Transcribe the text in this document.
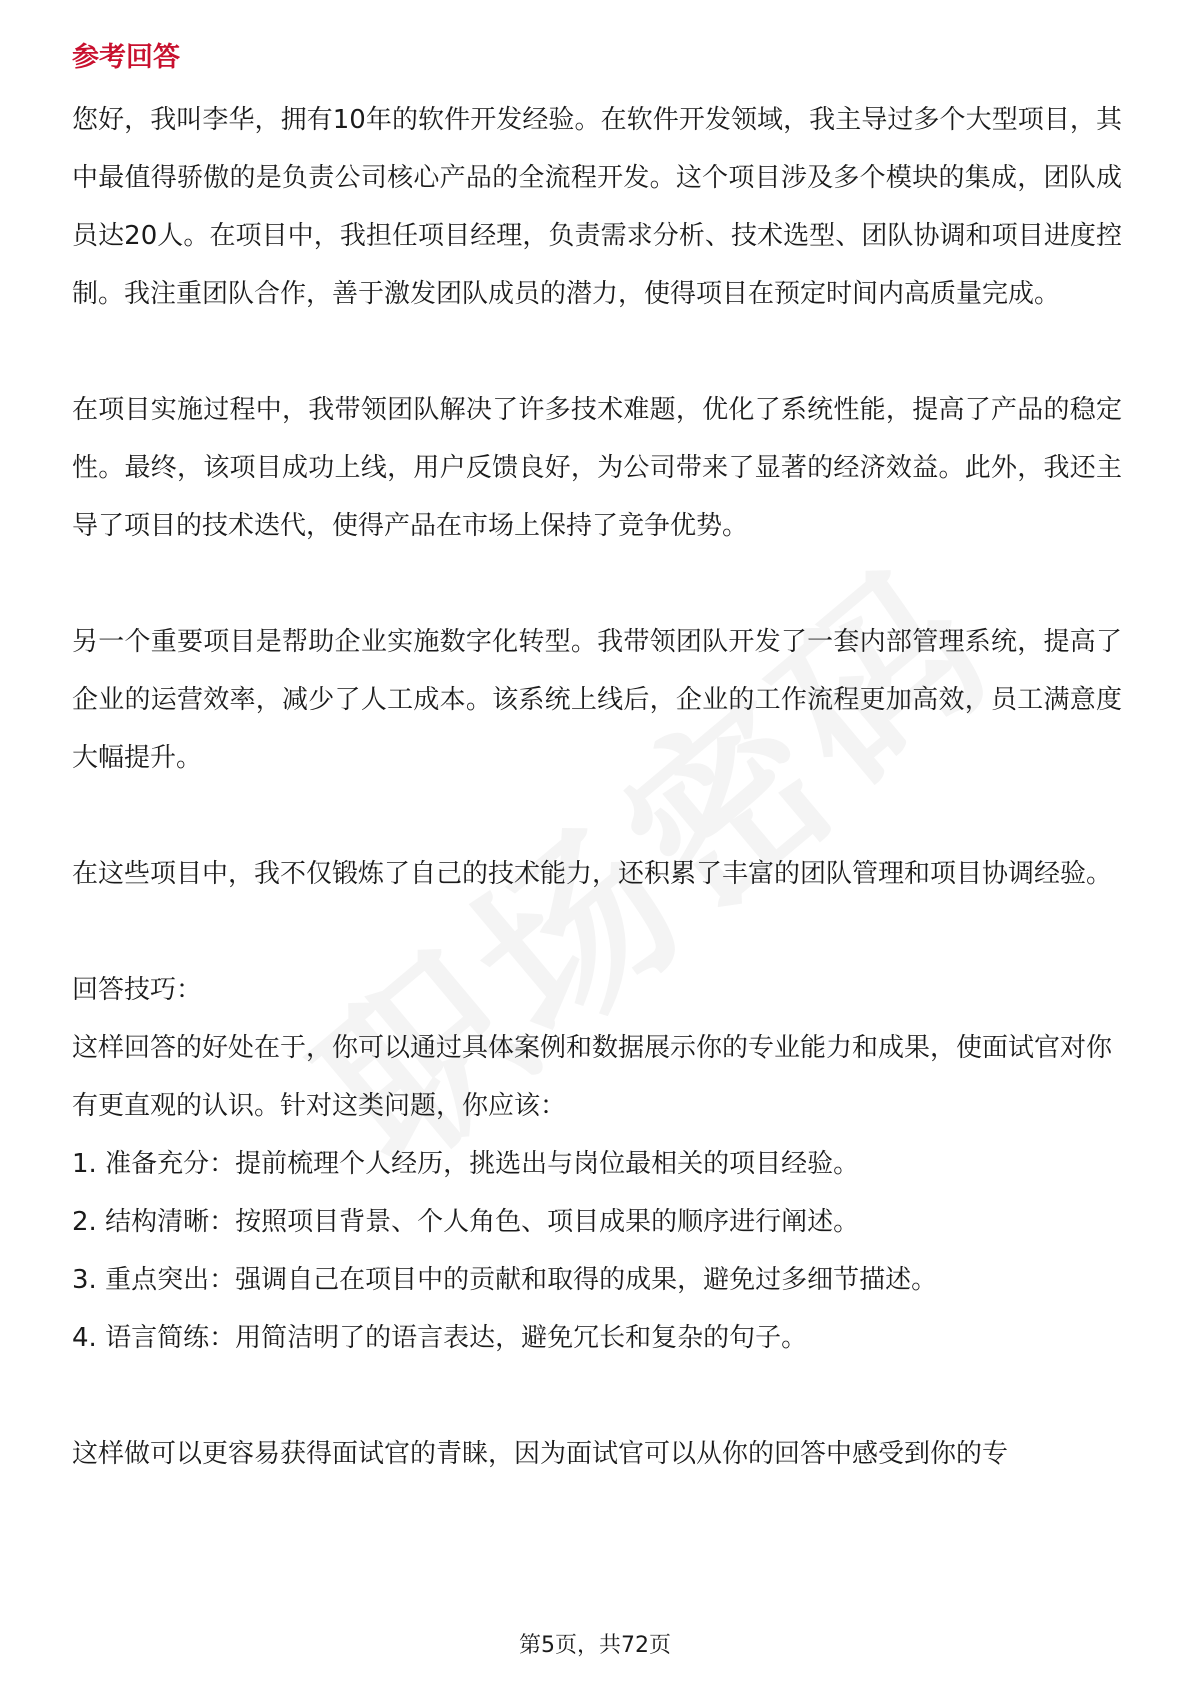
参考回答

您好，我叫李华，拥有10年的软件开发经验。在软件开发领域，我主导过多个大型项目，其中最值得骄傲的是负责公司核心产品的全流程开发。这个项目涉及多个模块的集成，团队成员达20人。在项目中，我担任项目经理，负责需求分析、技术选型、团队协调和项目进度控制。我注重团队合作，善于激发团队成员的潜力，使得项目在预定时间内高质量完成。

在项目实施过程中，我带领团队解决了许多技术难题，优化了系统性能，提高了产品的稳定性。最终，该项目成功上线，用户反馈良好，为公司带来了显著的经济效益。此外，我还主导了项目的技术迭代，使得产品在市场上保持了竞争优势。

另一个重要项目是帮助企业实施数字化转型。我带领团队开发了一套内部管理系统，提高了企业的运营效率，减少了人工成本。该系统上线后，企业的工作流程更加高效，员工满意度大幅提升。

在这些项目中，我不仅锻炼了自己的技术能力，还积累了丰富的团队管理和项目协调经验。

回答技巧：
这样回答的好处在于，你可以通过具体案例和数据展示你的专业能力和成果，使面试官对你有更直观的认识。针对这类问题，你应该：
1. 准备充分：提前梳理个人经历，挑选出与岗位最相关的项目经验。
2. 结构清晰：按照项目背景、个人角色、项目成果的顺序进行阐述。
3. 重点突出：强调自己在项目中的贡献和取得的成果，避免过多细节描述。
4. 语言简练：用简洁明了的语言表达，避免冗长和复杂的句子。
这样做可以更容易获得面试官的青睐，因为面试官可以从你的回答中感受到你的专
第5页，共72页
